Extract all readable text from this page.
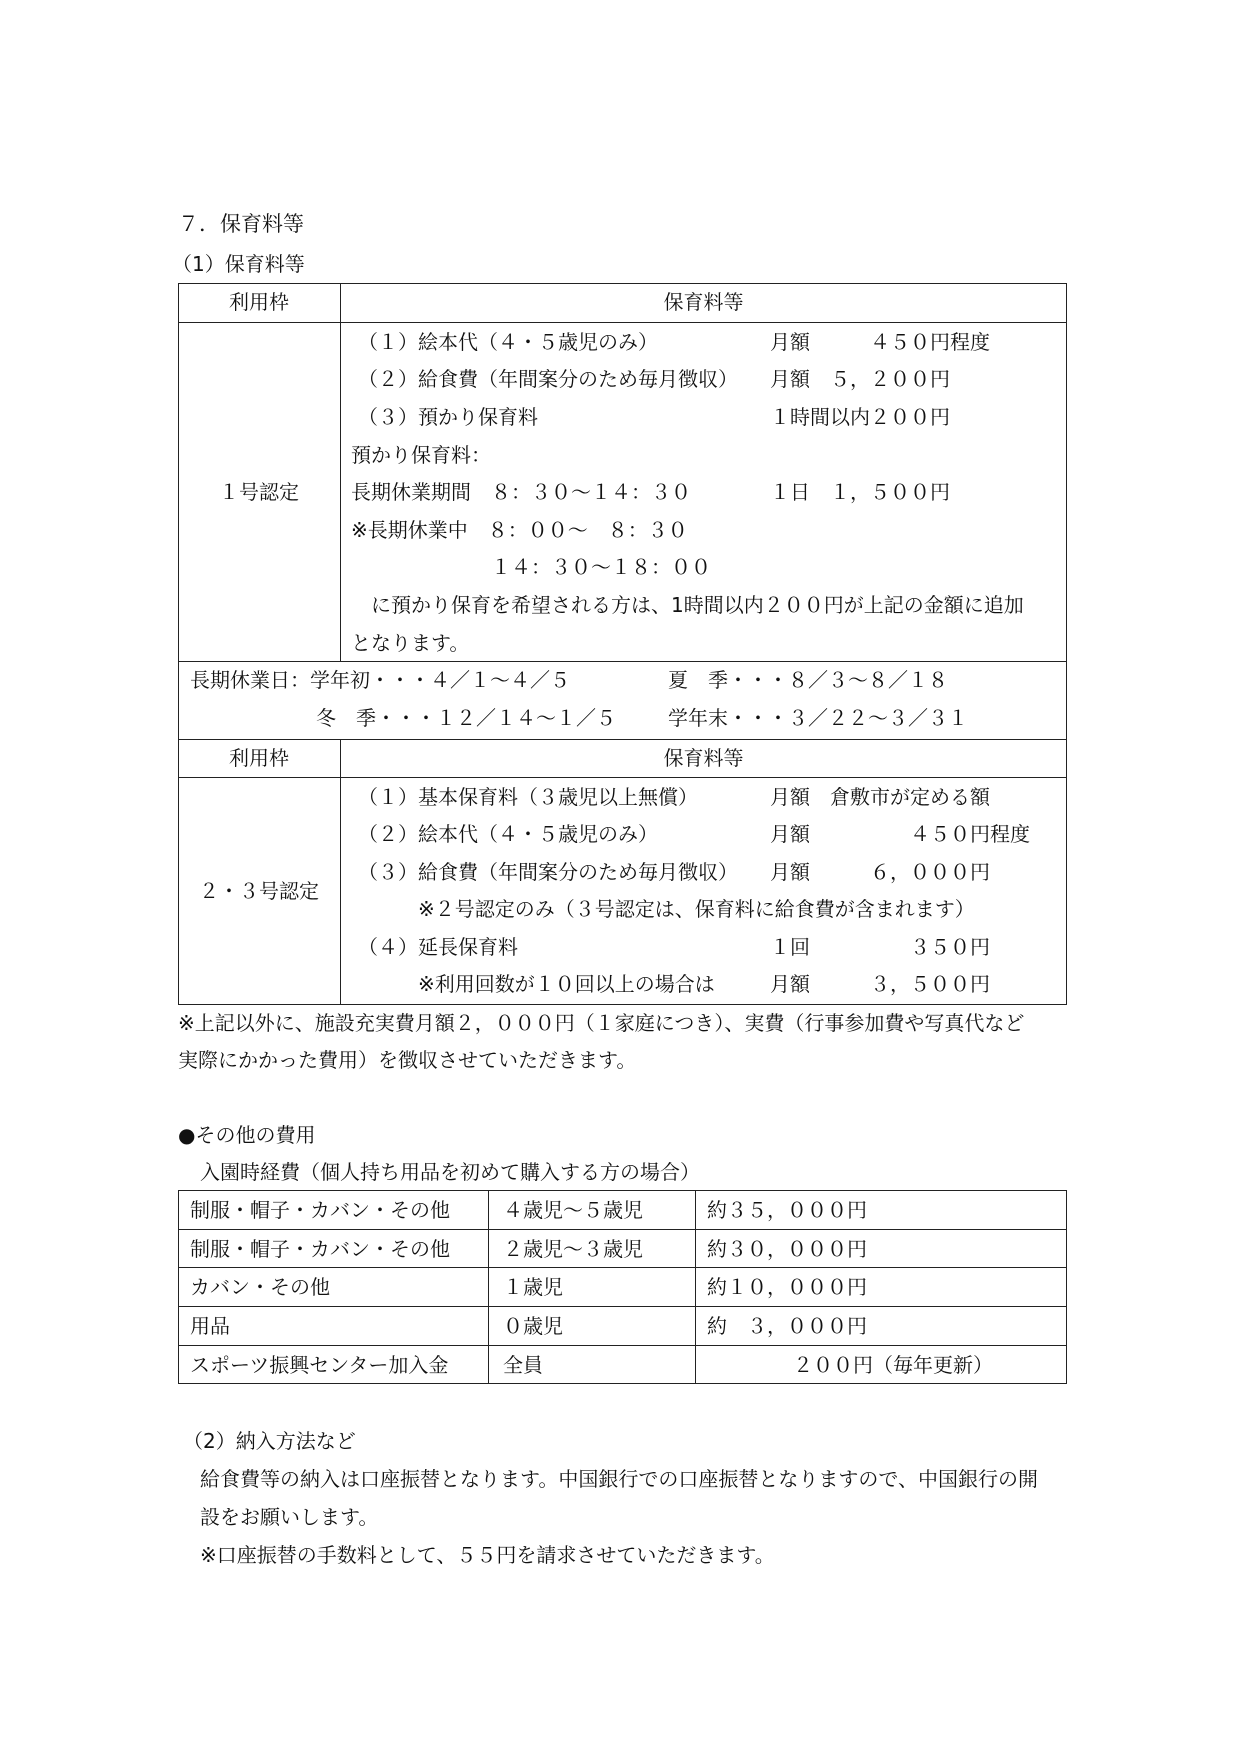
７．保育料等
（1）保育料等
利用枠	保育料等
１号認定
（１）絵本代（４・５歳児のみ）	月額　　　４５０円程度
（２）給食費（年間案分のため毎月徴収） 月額　５，２００円
（３）預かり保育料	１時間以内２００円
預かり保育料：
長期休業期間　８：３０～１４：３０	１日　１，５００円
※長期休業中　８：００～　８：３０
　　　　　　　１４：３０～１８：００
　に預かり保育を希望される方は、1時間以内２００円が上記の金額に追加
となります。
長期休業日：学年初・・・４／１～４／５	夏　季・・・８／３～８／１８
冬　季・・・１２／１４～１／５	学年末・・・３／２２～３／３１
利用枠	保育料等
２・３号認定
（１）基本保育料（３歳児以上無償）	月額　倉敷市が定める額
（２）絵本代（４・５歳児のみ）	月額　　　　　４５０円程度
（３）給食費（年間案分のため毎月徴収） 月額　　　６，０００円
　　　※２号認定のみ（３号認定は、保育料に給食費が含まれます）
（４）延長保育料	１回　　　　　３５０円
　　　※利用回数が１０回以上の場合は	月額　　　３，５００円
※上記以外に、施設充実費月額２，０００円（１家庭につき）、実費（行事参加費や写真代など
実際にかかった費用）を徴収させていただきます。
●その他の費用
入園時経費（個人持ち用品を初めて購入する方の場合）
制服・帽子・カバン・その他	４歳児～５歳児	約３５，０００円
制服・帽子・カバン・その他	２歳児～３歳児	約３０，０００円
カバン・その他	１歳児	約１０，０００円
用品	０歳児	約　３，０００円
スポーツ振興センター加入金	全員	２００円（毎年更新）
（2）納入方法など
給食費等の納入は口座振替となります。中国銀行での口座振替となりますので、中国銀行の開
設をお願いします。
※口座振替の手数料として、５５円を請求させていただきます。
